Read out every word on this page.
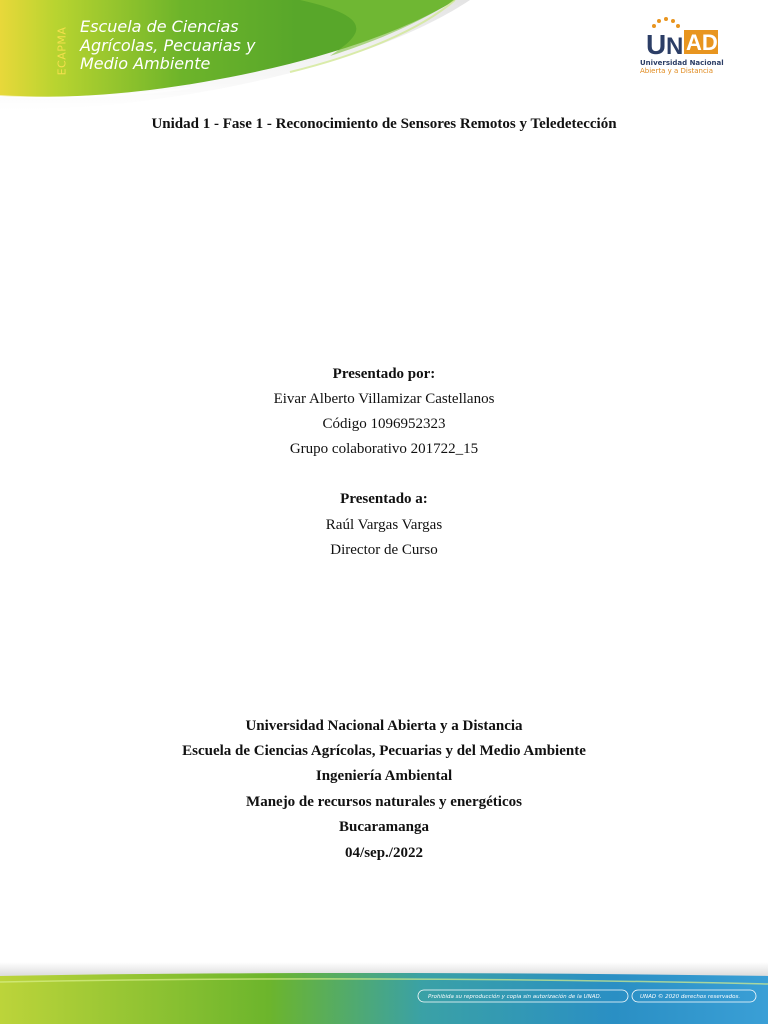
ECAPMA
Escuela de Ciencias
Agrícolas, Pecuarias y
Medio Ambiente
U N AD
Universidad Nacional
Abierta y a Distancia
Unidad 1 - Fase 1 - Reconocimiento de Sensores Remotos y Teledetección
Presentado por:
Eivar Alberto Villamizar Castellanos
Código 1096952323
Grupo colaborativo 201722_15
Presentado a:
Raúl Vargas Vargas
Director de Curso
Universidad Nacional Abierta y a Distancia
Escuela de Ciencias Agrícolas, Pecuarias y del Medio Ambiente
Ingeniería Ambiental
Manejo de recursos naturales y energéticos
Bucaramanga
04/sep./2022
Prohibida su reproducción y copia sin autorización de la UNAD.	UNAD © 2020 derechos reservados.
